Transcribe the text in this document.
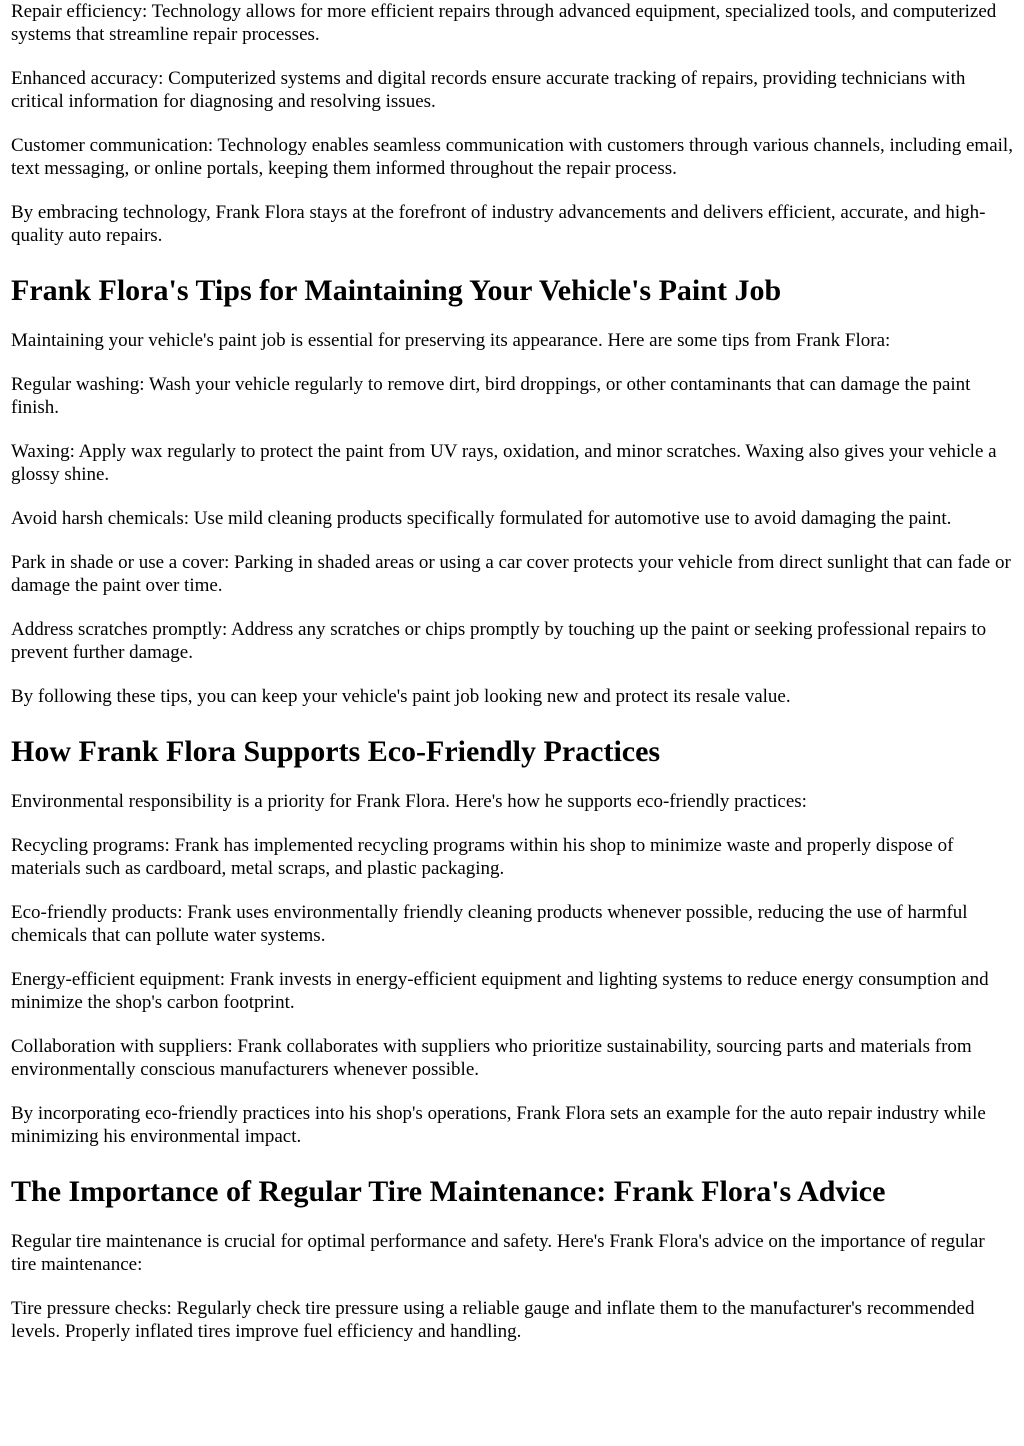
Repair efficiency: Technology allows for more efficient repairs through advanced equipment, specialized tools, and computerized systems that streamline repair processes.

Enhanced accuracy: Computerized systems and digital records ensure accurate tracking of repairs, providing technicians with critical information for diagnosing and resolving issues.

Customer communication: Technology enables seamless communication with customers through various channels, including email, text messaging, or online portals, keeping them informed throughout the repair process.

By embracing technology, Frank Flora stays at the forefront of industry advancements and delivers efficient, accurate, and high-quality auto repairs.

Frank Flora's Tips for Maintaining Your Vehicle's Paint Job

Maintaining your vehicle's paint job is essential for preserving its appearance. Here are some tips from Frank Flora:

Regular washing: Wash your vehicle regularly to remove dirt, bird droppings, or other contaminants that can damage the paint finish.

Waxing: Apply wax regularly to protect the paint from UV rays, oxidation, and minor scratches. Waxing also gives your vehicle a glossy shine.

Avoid harsh chemicals: Use mild cleaning products specifically formulated for automotive use to avoid damaging the paint.

Park in shade or use a cover: Parking in shaded areas or using a car cover protects your vehicle from direct sunlight that can fade or damage the paint over time.

Address scratches promptly: Address any scratches or chips promptly by touching up the paint or seeking professional repairs to prevent further damage.

By following these tips, you can keep your vehicle's paint job looking new and protect its resale value.

How Frank Flora Supports Eco-Friendly Practices

Environmental responsibility is a priority for Frank Flora. Here's how he supports eco-friendly practices:

Recycling programs: Frank has implemented recycling programs within his shop to minimize waste and properly dispose of materials such as cardboard, metal scraps, and plastic packaging.

Eco-friendly products: Frank uses environmentally friendly cleaning products whenever possible, reducing the use of harmful chemicals that can pollute water systems.

Energy-efficient equipment: Frank invests in energy-efficient equipment and lighting systems to reduce energy consumption and minimize the shop's carbon footprint.

Collaboration with suppliers: Frank collaborates with suppliers who prioritize sustainability, sourcing parts and materials from environmentally conscious manufacturers whenever possible.

By incorporating eco-friendly practices into his shop's operations, Frank Flora sets an example for the auto repair industry while minimizing his environmental impact.

The Importance of Regular Tire Maintenance: Frank Flora's Advice

Regular tire maintenance is crucial for optimal performance and safety. Here's Frank Flora's advice on the importance of regular tire maintenance:

Tire pressure checks: Regularly check tire pressure using a reliable gauge and inflate them to the manufacturer's recommended levels. Properly inflated tires improve fuel efficiency and handling.
